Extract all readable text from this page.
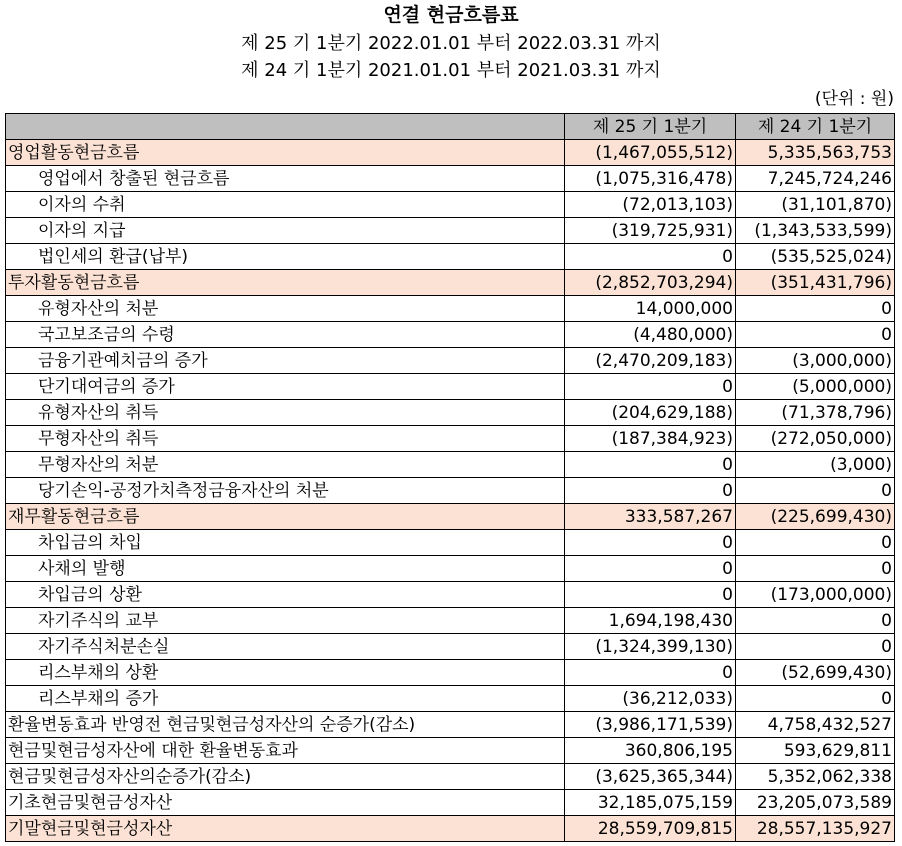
연결 현금흐름표
제 25 기 1분기 2022.01.01 부터 2022.03.31 까지
제 24 기 1분기 2021.01.01 부터 2021.03.31 까지
(단위 : 원)
	제 25 기 1분기	제 24 기 1분기
영업활동현금흐름	(1,467,055,512)	5,335,563,753
영업에서 창출된 현금흐름	(1,075,316,478)	7,245,724,246
이자의 수취	(72,013,103)	(31,101,870)
이자의 지급	(319,725,931)	(1,343,533,599)
법인세의 환급(납부)	0	(535,525,024)
투자활동현금흐름	(2,852,703,294)	(351,431,796)
유형자산의 처분	14,000,000	0
국고보조금의 수령	(4,480,000)	0
금융기관예치금의 증가	(2,470,209,183)	(3,000,000)
단기대여금의 증가	0	(5,000,000)
유형자산의 취득	(204,629,188)	(71,378,796)
무형자산의 취득	(187,384,923)	(272,050,000)
무형자산의 처분	0	(3,000)
당기손익-공정가치측정금융자산의 처분	0	0
재무활동현금흐름	333,587,267	(225,699,430)
차입금의 차입	0	0
사채의 발행	0	0
차입금의 상환	0	(173,000,000)
자기주식의 교부	1,694,198,430	0
자기주식처분손실	(1,324,399,130)	0
리스부채의 상환	0	(52,699,430)
리스부채의 증가	(36,212,033)	0
환율변동효과 반영전 현금및현금성자산의 순증가(감소)	(3,986,171,539)	4,758,432,527
현금및현금성자산에 대한 환율변동효과	360,806,195	593,629,811
현금및현금성자산의순증가(감소)	(3,625,365,344)	5,352,062,338
기초현금및현금성자산	32,185,075,159	23,205,073,589
기말현금및현금성자산	28,559,709,815	28,557,135,927
